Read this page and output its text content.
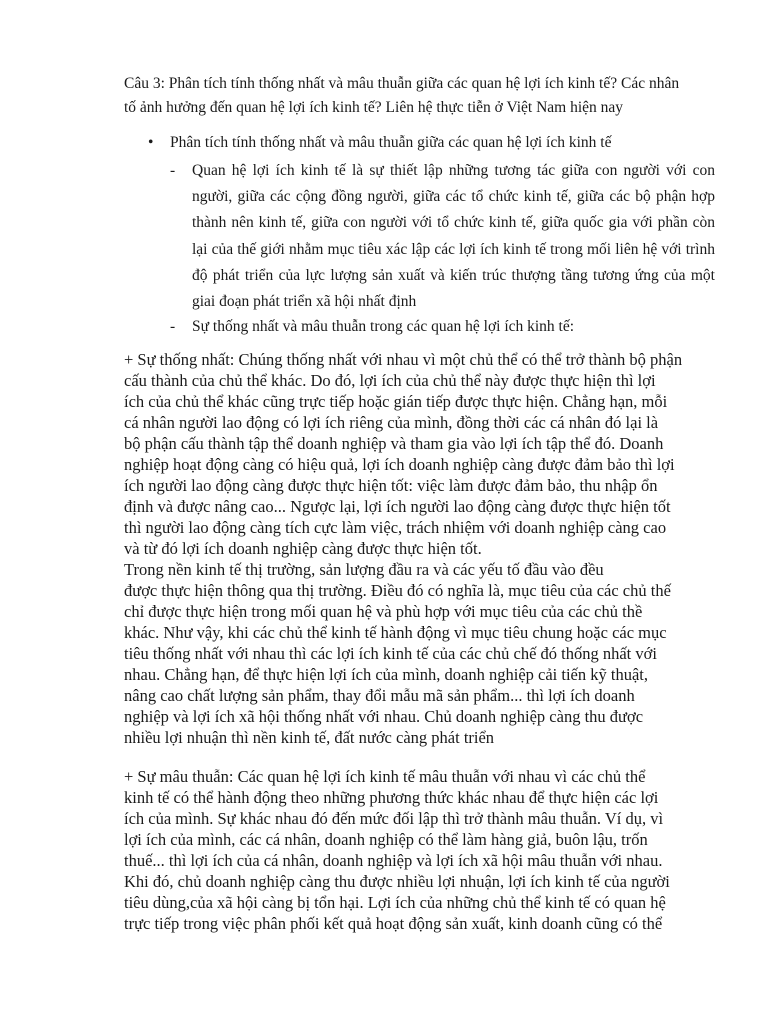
Câu 3: Phân tích tính thống nhất và mâu thuẫn giữa các quan hệ lợi ích kinh tế? Các nhân
tố ảnh hưởng đến quan hệ lợi ích kinh tế? Liên hệ thực tiễn ở Việt Nam hiện nay
• Phân tích tính thống nhất và mâu thuẫn giữa các quan hệ lợi ích kinh tế
- Quan hệ lợi ích kinh tế là sự thiết lập những tương tác giữa con người với con người, giữa các cộng đồng người, giữa các tổ chức kinh tế, giữa các bộ phận hợp thành nên kinh tế, giữa con người với tổ chức kinh tế, giữa quốc gia với phần còn lại của thế giới nhằm mục tiêu xác lập các lợi ích kinh tế trong mối liên hệ với trình độ phát triển của lực lượng sản xuất và kiến trúc thượng tầng tương ứng của một giai đoạn phát triển xã hội nhất định
- Sự thống nhất và mâu thuẫn trong các quan hệ lợi ích kinh tế:
+ Sự thống nhất: Chúng thống nhất với nhau vì một chủ thể có thể trở thành bộ phận
cấu thành của chủ thể khác. Do đó, lợi ích của chủ thể này được thực hiện thì lợi
ích của chủ thể khác cũng trực tiếp hoặc gián tiếp được thực hiện. Chẳng hạn, mỗi
cá nhân người lao động có lợi ích riêng của mình, đồng thời các cá nhân đó lại là
bộ phận cấu thành tập thể doanh nghiệp và tham gia vào lợi ích tập thể đó. Doanh
nghiệp hoạt động càng có hiệu quả, lợi ích doanh nghiệp càng được đảm bảo thì lợi
ích người lao động càng được thực hiện tốt: việc làm được đảm bảo, thu nhập ổn
định và được nâng cao... Ngược lại, lợi ích người lao động càng được thực hiện tốt
thì người lao động càng tích cực làm việc, trách nhiệm với doanh nghiệp càng cao
và từ đó lợi ích doanh nghiệp càng được thực hiện tốt.
Trong nền kinh tế thị trường, sản lượng đầu ra và các yếu tố đầu vào đều
được thực hiện thông qua thị trường. Điều đó có nghĩa là, mục tiêu của các chủ thế
chỉ được thực hiện trong mối quan hệ và phù hợp với mục tiêu của các chủ thề
khác. Như vậy, khi các chủ thể kinh tế hành động vì mục tiêu chung hoặc các mục
tiêu thống nhất với nhau thì các lợi ích kinh tế của các chủ chế đó thống nhất với
nhau. Chẳng hạn, để thực hiện lợi ích của mình, doanh nghiệp cải tiến kỹ thuật,
nâng cao chất lượng sản phẩm, thay đổi mẫu mã sản phẩm... thì lợi ích doanh
nghiệp và lợi ích xã hội thống nhất với nhau. Chủ doanh nghiệp càng thu được
nhiều lợi nhuận thì nền kinh tế, đất nước càng phát triển
+ Sự mâu thuẫn: Các quan hệ lợi ích kinh tế mâu thuẫn với nhau vì các chủ thể
kinh tế có thể hành động theo những phương thức khác nhau để thực hiện các lợi
ích của mình. Sự khác nhau đó đến mức đối lập thì trở thành mâu thuẫn. Ví dụ, vì
lợi ích của mình, các cá nhân, doanh nghiệp có thể làm hàng giả, buôn lậu, trốn
thuế... thì lợi ích của cá nhân, doanh nghiệp và lợi ích xã hội mâu thuẫn với nhau.
Khi đó, chủ doanh nghiệp càng thu được nhiều lợi nhuận, lợi ích kinh tế của người
tiêu dùng,của xã hội càng bị tổn hại. Lợi ích của những chủ thể kinh tế có quan hệ
trực tiếp trong việc phân phối kết quả hoạt động sản xuất, kinh doanh cũng có thể
